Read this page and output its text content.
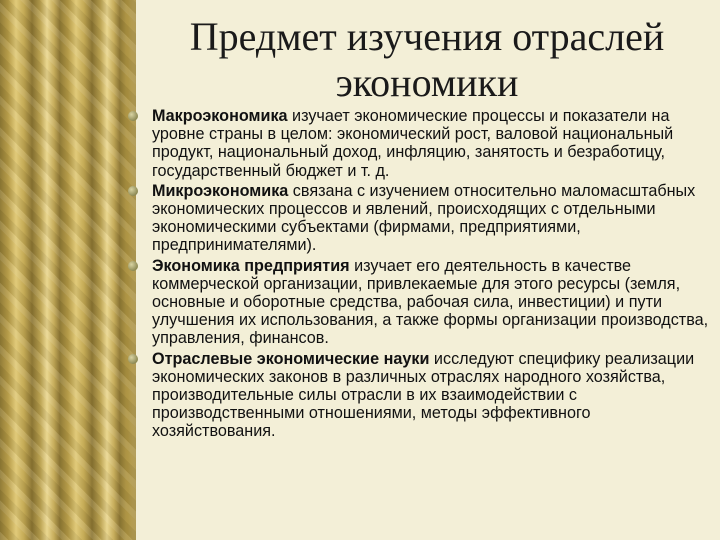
Предмет изучения отраслей экономики
Макроэкономика изучает экономические процессы и показатели на уровне страны в целом: экономический рост, валовой национальный продукт, национальный доход, инфляцию, занятость и безработицу, государственный бюджет и т. д.
Микроэкономика связана с изучением относительно маломасштабных экономических процессов и явлений, происходящих с отдельными экономическими субъектами (фирмами, предприятиями, предпринимателями).
Экономика предприятия изучает его деятельность в качестве коммерческой организации, привлекаемые для этого ресурсы (земля, основные и оборотные средства, рабочая сила, инвестиции) и пути улучшения их использования, а также формы организации производства, управления, финансов.
Отраслевые экономические науки исследуют специфику реализации экономических законов в различных отраслях народного хозяйства, производительные силы отрасли в их взаимодействии с производственными отношениями, методы эффективного хозяйствования.
